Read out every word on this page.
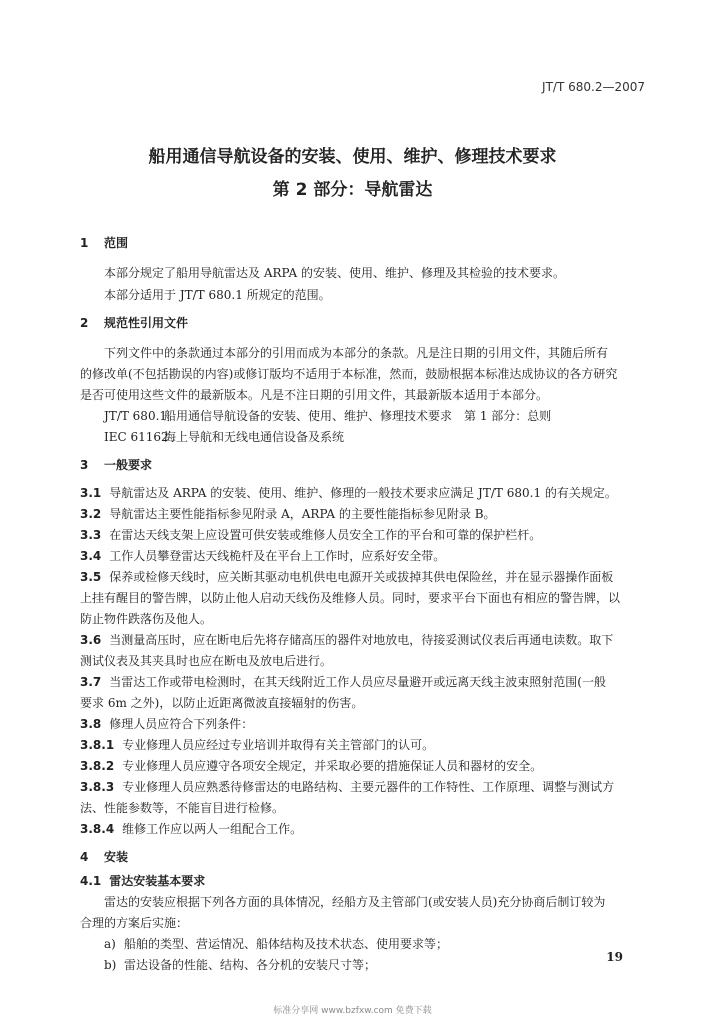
JT/T 680.2—2007
船用通信导航设备的安装、使用、维护、修理技术要求
第 2 部分：导航雷达
1 范围
本部分规定了船用导航雷达及 ARPA 的安装、使用、维护、修理及其检验的技术要求。
本部分适用于 JT/T 680.1 所规定的范围。
2 规范性引用文件
下列文件中的条款通过本部分的引用而成为本部分的条款。凡是注日期的引用文件，其随后所有
的修改单(不包括勘误的内容)或修订版均不适用于本标准，然而，鼓励根据本标准达成协议的各方研究
是否可使用这些文件的最新版本。凡是不注日期的引用文件，其最新版本适用于本部分。
JT/T 680.1船用通信导航设备的安装、使用、维护、修理技术要求　第 1 部分：总则
IEC 61162海上导航和无线电通信设备及系统
3 一般要求
3.1 导航雷达及 ARPA 的安装、使用、维护、修理的一般技术要求应满足 JT/T 680.1 的有关规定。
3.2 导航雷达主要性能指标参见附录 A，ARPA 的主要性能指标参见附录 B。
3.3 在雷达天线支架上应设置可供安装或维修人员安全工作的平台和可靠的保护栏杆。
3.4 工作人员攀登雷达天线桅杆及在平台上工作时，应系好安全带。
3.5 保养或检修天线时，应关断其驱动电机供电电源开关或拔掉其供电保险丝，并在显示器操作面板
上挂有醒目的警告牌，以防止他人启动天线伤及维修人员。同时，要求平台下面也有相应的警告牌，以
防止物件跌落伤及他人。
3.6 当测量高压时，应在断电后先将存储高压的器件对地放电，待接妥测试仪表后再通电读数。取下
测试仪表及其夹具时也应在断电及放电后进行。
3.7 当雷达工作或带电检测时，在其天线附近工作人员应尽量避开或远离天线主波束照射范围(一般
要求 6m 之外)，以防止近距离微波直接辐射的伤害。
3.8 修理人员应符合下列条件：
3.8.1 专业修理人员应经过专业培训并取得有关主管部门的认可。
3.8.2 专业修理人员应遵守各项安全规定，并采取必要的措施保证人员和器材的安全。
3.8.3 专业修理人员应熟悉待修雷达的电路结构、主要元器件的工作特性、工作原理、调整与测试方
法、性能参数等，不能盲目进行检修。
3.8.4 维修工作应以两人一组配合工作。
4 安装
4.1 雷达安装基本要求
雷达的安装应根据下列各方面的具体情况，经船方及主管部门(或安装人员)充分协商后制订较为
合理的方案后实施：
a) 船舶的类型、营运情况、船体结构及技术状态、使用要求等；
b) 雷达设备的性能、结构、各分机的安装尺寸等；
19
标准分享网 www.bzfxw.com 免费下载
